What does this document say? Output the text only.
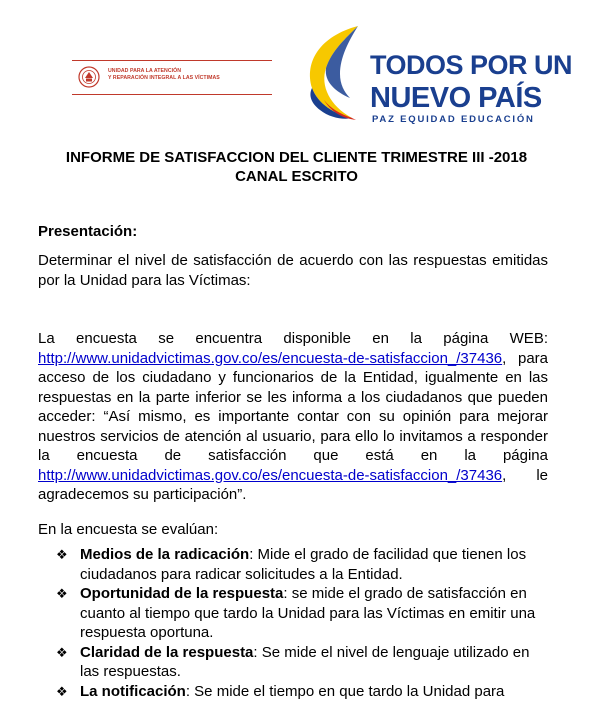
UNIDAD PARA LA ATENCIÓN
Y REPARACIÓN INTEGRAL A LAS VÍCTIMAS	TODOS POR UN
NUEVO PAÍS
PAZ EQUIDAD EDUCACIÓN
INFORME DE SATISFACCION DEL CLIENTE TRIMESTRE III -2018
CANAL ESCRITO
Presentación:
Determinar el nivel de satisfacción de acuerdo con las respuestas emitidas por la Unidad para las Víctimas:
La encuesta se encuentra disponible en la página WEB: http://www.unidadvictimas.gov.co/es/encuesta-de-satisfaccion_/37436, para acceso de los ciudadano y funcionarios de la Entidad, igualmente en las respuestas en la parte inferior se les informa a los ciudadanos que pueden acceder: “Así mismo, es importante contar con su opinión para mejorar nuestros servicios de atención al usuario, para ello lo invitamos a responder la encuesta de satisfacción que está en la página http://www.unidadvictimas.gov.co/es/encuesta-de-satisfaccion_/37436, le agradecemos su participación”.
En la encuesta se evalúan:
❖ Medios de la radicación: Mide el grado de facilidad que tienen los ciudadanos para radicar solicitudes a la Entidad.
❖ Oportunidad de la respuesta: se mide el grado de satisfacción en cuanto al tiempo que tardo la Unidad para las Víctimas en emitir una respuesta oportuna.
❖ Claridad de la respuesta: Se mide el nivel de lenguaje utilizado en las respuestas.
❖ La notificación: Se mide el tiempo en que tardo la Unidad para
